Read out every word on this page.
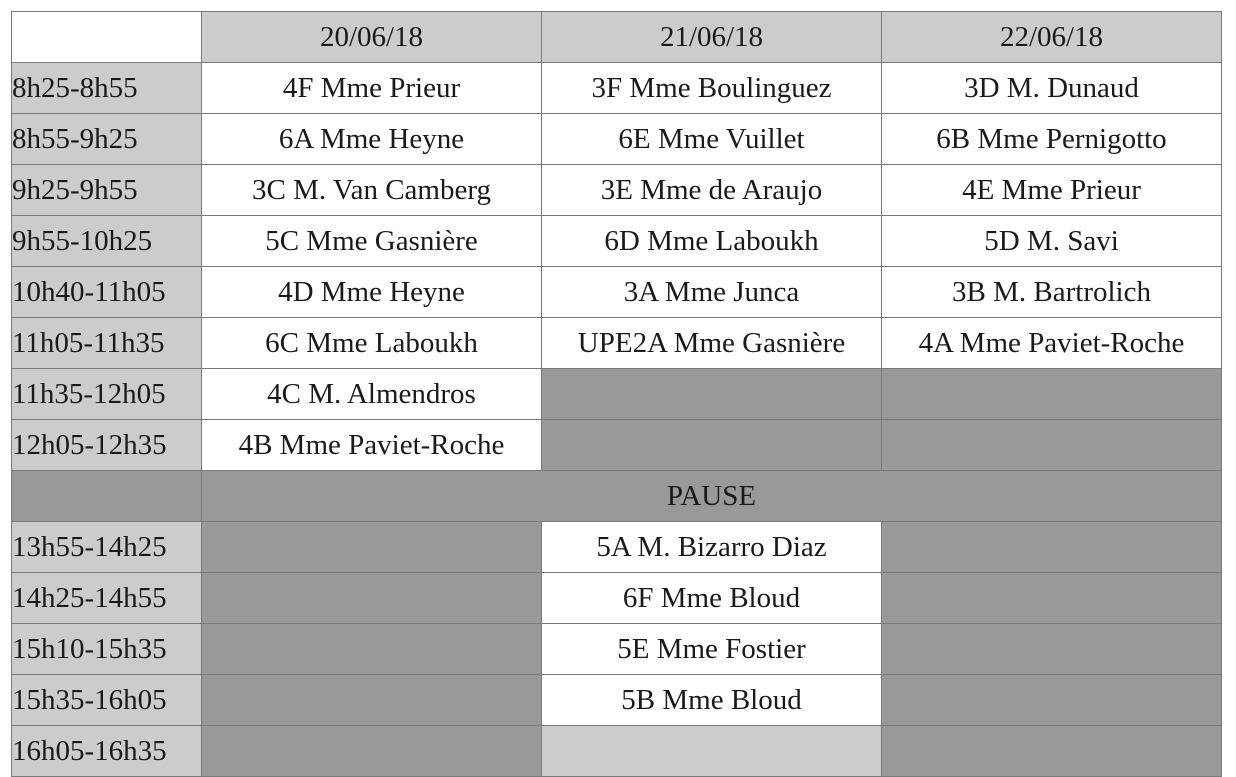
	20/06/18	21/06/18	22/06/18
8h25-8h55	4F Mme Prieur	3F Mme Boulinguez	3D M. Dunaud
8h55-9h25	6A Mme Heyne	6E Mme Vuillet	6B Mme Pernigotto
9h25-9h55	3C M. Van Camberg	3E Mme de Araujo	4E Mme Prieur
9h55-10h25	5C Mme Gasnière	6D Mme Laboukh	5D M. Savi
10h40-11h05	4D Mme Heyne	3A Mme Junca	3B M. Bartrolich
11h05-11h35	6C Mme Laboukh	UPE2A Mme Gasnière	4A Mme Paviet-Roche
11h35-12h05	4C M. Almendros		
12h05-12h35	4B Mme Paviet-Roche		
	PAUSE		
13h55-14h25		5A M. Bizarro Diaz	
14h25-14h55		6F Mme Bloud	
15h10-15h35		5E Mme Fostier	
15h35-16h05		5B Mme Bloud	
16h05-16h35			
